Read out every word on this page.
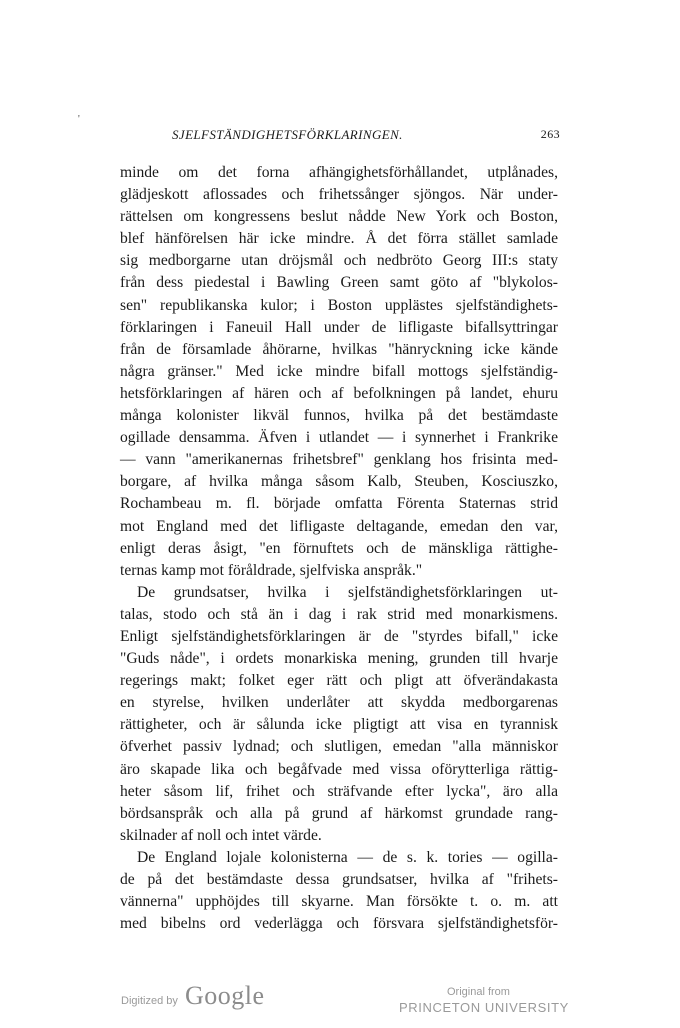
'
SJELFSTÄNDIGHETSFÖRKLARINGEN.	263
minde om det forna afhängighetsförhållandet, utplånades,
glädjeskott aflossades och frihetssånger sjöngos. När under-
rättelsen om kongressens beslut nådde New York och Boston,
blef hänförelsen här icke mindre. Å det förra stället samlade
sig medborgarne utan dröjsmål och nedbröto Georg III:s staty
från dess piedestal i Bawling Green samt göto af "blykolos-
sen" republikanska kulor; i Boston upplästes sjelfständighets-
förklaringen i Faneuil Hall under de lifligaste bifallsyttringar
från de församlade åhörarne, hvilkas "hänryckning icke kände
några gränser." Med icke mindre bifall mottogs sjelfständig-
hetsförklaringen af hären och af befolkningen på landet, ehuru
många kolonister likväl funnos, hvilka på det bestämdaste
ogillade densamma. Äfven i utlandet — i synnerhet i Frankrike
— vann "amerikanernas frihetsbref" genklang hos frisinta med-
borgare, af hvilka många såsom Kalb, Steuben, Kosciuszko,
Rochambeau m. fl. började omfatta Förenta Staternas strid
mot England med det lifligaste deltagande, emedan den var,
enligt deras åsigt, "en förnuftets och de mänskliga rättighe-
ternas kamp mot föråldrade, sjelfviska anspråk."
De grundsatser, hvilka i sjelfständighetsförklaringen ut-
talas, stodo och stå än i dag i rak strid med monarkismens.
Enligt sjelfständighetsförklaringen är de "styrdes bifall," icke
"Guds nåde", i ordets monarkiska mening, grunden till hvarje
regerings makt; folket eger rätt och pligt att öfverändakasta
en styrelse, hvilken underlåter att skydda medborgarenas
rättigheter, och är sålunda icke pligtigt att visa en tyrannisk
öfverhet passiv lydnad; och slutligen, emedan "alla människor
äro skapade lika och begåfvade med vissa oförytterliga rättig-
heter såsom lif, frihet och sträfvande efter lycka", äro alla
bördsanspråk och alla på grund af härkomst grundade rang-
skilnader af noll och intet värde.
De England lojale kolonisterna — de s. k. tories — ogilla-
de på det bestämdaste dessa grundsatser, hvilka af "frihets-
vännerna" upphöjdes till skyarne. Man försökte t. o. m. att
med bibelns ord vederlägga och försvara sjelfständighetsför-
Digitized by Google	Original from
PRINCETON UNIVERSITY
